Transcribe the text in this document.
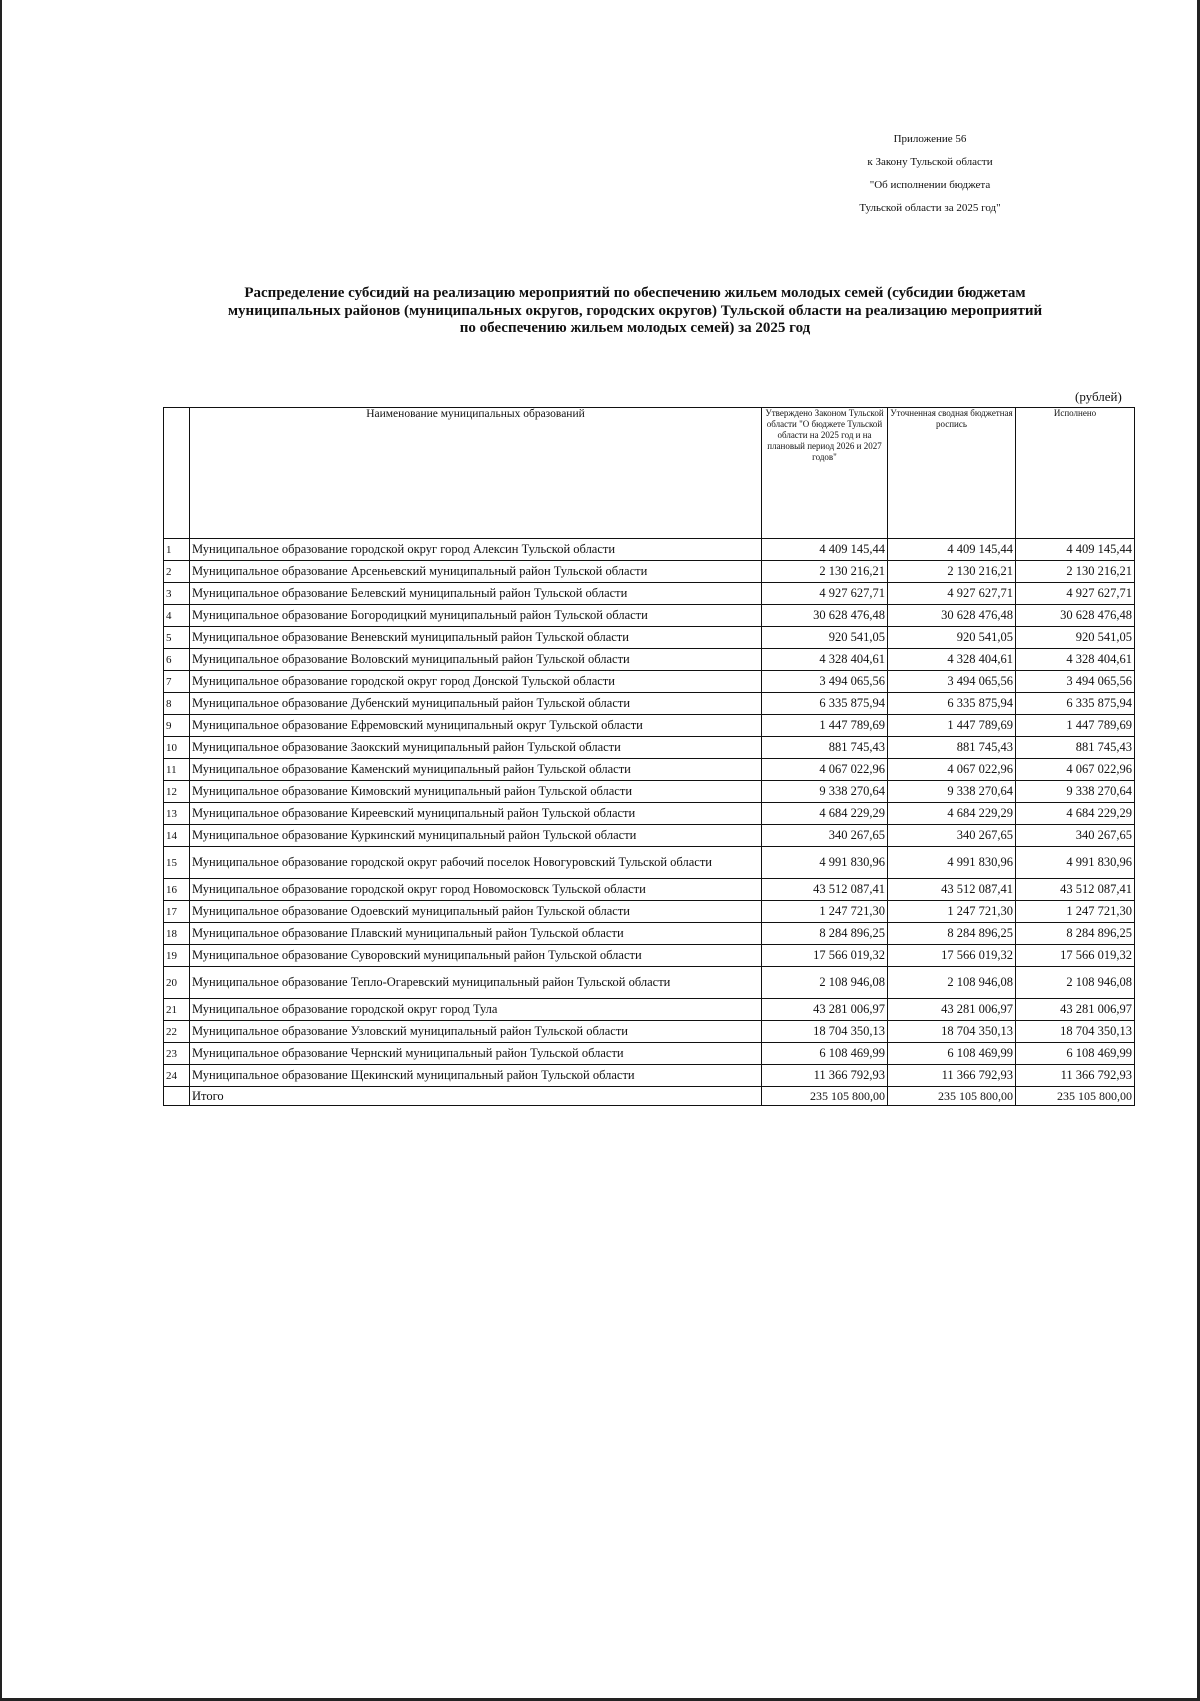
Приложение 56
к Закону Тульской области
"Об исполнении бюджета
Тульской области за 2025 год"
Распределение субсидий на реализацию мероприятий по обеспечению жильем молодых семей (субсидии бюджетам
муниципальных районов (муниципальных округов, городских округов) Тульской области на реализацию мероприятий
по обеспечению жильем молодых семей) за 2025 год
(рублей)
	Наименование муниципальных образований	Утверждено Законом Тульской области "О бюджете Тульской области на 2025 год и на плановый период 2026 и 2027 годов"	Уточненная сводная бюджетная роспись	Исполнено
1	Муниципальное образование городской округ город Алексин Тульской области	4 409 145,44	4 409 145,44	4 409 145,44
2	Муниципальное образование Арсеньевский муниципальный район Тульской области	2 130 216,21	2 130 216,21	2 130 216,21
3	Муниципальное образование Белевский муниципальный район Тульской области	4 927 627,71	4 927 627,71	4 927 627,71
4	Муниципальное образование Богородицкий муниципальный район Тульской области	30 628 476,48	30 628 476,48	30 628 476,48
5	Муниципальное образование Веневский муниципальный район Тульской области	920 541,05	920 541,05	920 541,05
6	Муниципальное образование Воловский муниципальный район Тульской области	4 328 404,61	4 328 404,61	4 328 404,61
7	Муниципальное образование городской округ город Донской Тульской области	3 494 065,56	3 494 065,56	3 494 065,56
8	Муниципальное образование Дубенский муниципальный район Тульской области	6 335 875,94	6 335 875,94	6 335 875,94
9	Муниципальное образование Ефремовский муниципальный округ Тульской области	1 447 789,69	1 447 789,69	1 447 789,69
10	Муниципальное образование Заокский муниципальный район Тульской области	881 745,43	881 745,43	881 745,43
11	Муниципальное образование Каменский муниципальный район Тульской области	4 067 022,96	4 067 022,96	4 067 022,96
12	Муниципальное образование Кимовский муниципальный район Тульской области	9 338 270,64	9 338 270,64	9 338 270,64
13	Муниципальное образование Киреевский муниципальный район Тульской области	4 684 229,29	4 684 229,29	4 684 229,29
14	Муниципальное образование Куркинский муниципальный район Тульской области	340 267,65	340 267,65	340 267,65
15	Муниципальное образование городской округ рабочий поселок Новогуровский Тульской области	4 991 830,96	4 991 830,96	4 991 830,96
16	Муниципальное образование городской округ город Новомосковск Тульской области	43 512 087,41	43 512 087,41	43 512 087,41
17	Муниципальное образование Одоевский муниципальный район Тульской области	1 247 721,30	1 247 721,30	1 247 721,30
18	Муниципальное образование Плавский муниципальный район Тульской области	8 284 896,25	8 284 896,25	8 284 896,25
19	Муниципальное образование Суворовский муниципальный район Тульской области	17 566 019,32	17 566 019,32	17 566 019,32
20	Муниципальное образование Тепло-Огаревский муниципальный район Тульской области	2 108 946,08	2 108 946,08	2 108 946,08
21	Муниципальное образование городской округ город Тула	43 281 006,97	43 281 006,97	43 281 006,97
22	Муниципальное образование Узловский муниципальный район Тульской области	18 704 350,13	18 704 350,13	18 704 350,13
23	Муниципальное образование Чернский муниципальный район Тульской области	6 108 469,99	6 108 469,99	6 108 469,99
24	Муниципальное образование Щекинский муниципальный район Тульской области	11 366 792,93	11 366 792,93	11 366 792,93
	Итого	235 105 800,00	235 105 800,00	235 105 800,00
